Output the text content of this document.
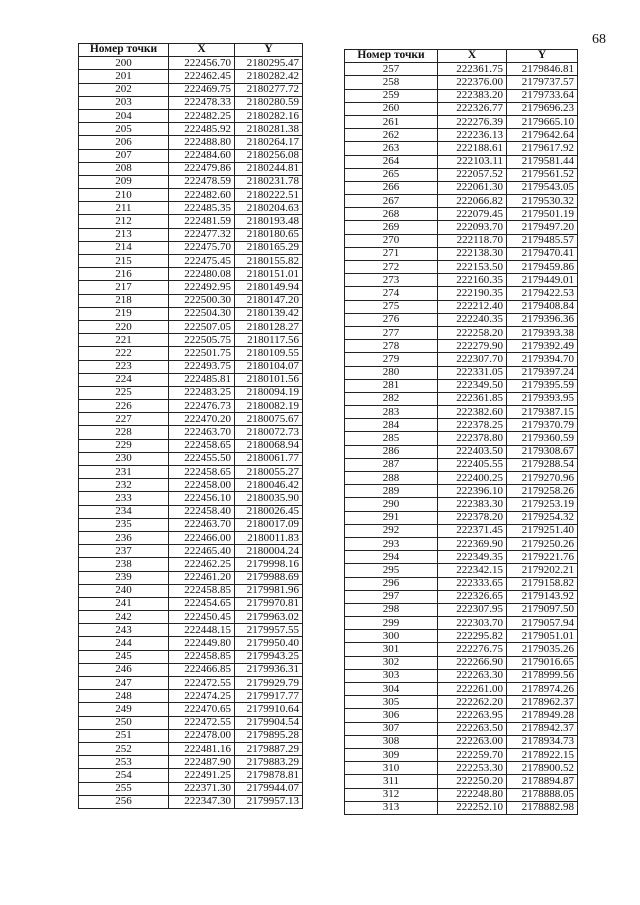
68
Номер точки	X	Y
200	222456.70	2180295.47
201	222462.45	2180282.42
202	222469.75	2180277.72
203	222478.33	2180280.59
204	222482.25	2180282.16
205	222485.92	2180281.38
206	222488.80	2180264.17
207	222484.60	2180256.08
208	222479.86	2180244.81
209	222478.59	2180231.78
210	222482.60	2180222.51
211	222485.35	2180204.63
212	222481.59	2180193.48
213	222477.32	2180180.65
214	222475.70	2180165.29
215	222475.45	2180155.82
216	222480.08	2180151.01
217	222492.95	2180149.94
218	222500.30	2180147.20
219	222504.30	2180139.42
220	222507.05	2180128.27
221	222505.75	2180117.56
222	222501.75	2180109.55
223	222493.75	2180104.07
224	222485.81	2180101.56
225	222483.25	2180094.19
226	222476.73	2180082.19
227	222470.20	2180075.67
228	222463.70	2180072.73
229	222458.65	2180068.94
230	222455.50	2180061.77
231	222458.65	2180055.27
232	222458.00	2180046.42
233	222456.10	2180035.90
234	222458.40	2180026.45
235	222463.70	2180017.09
236	222466.00	2180011.83
237	222465.40	2180004.24
238	222462.25	2179998.16
239	222461.20	2179988.69
240	222458.85	2179981.96
241	222454.65	2179970.81
242	222450.45	2179963.02
243	222448.15	2179957.55
244	222449.80	2179950.40
245	222458.85	2179943.25
246	222466.85	2179936.31
247	222472.55	2179929.79
248	222474.25	2179917.77
249	222470.65	2179910.64
250	222472.55	2179904.54
251	222478.00	2179895.28
252	222481.16	2179887.29
253	222487.90	2179883.29
254	222491.25	2179878.81
255	222371.30	2179944.07
256	222347.30	2179957.13
Номер точки	X	Y
257	222361.75	2179846.81
258	222376.00	2179737.57
259	222383.20	2179733.64
260	222326.77	2179696.23
261	222276.39	2179665.10
262	222236.13	2179642.64
263	222188.61	2179617.92
264	222103.11	2179581.44
265	222057.52	2179561.52
266	222061.30	2179543.05
267	222066.82	2179530.32
268	222079.45	2179501.19
269	222093.70	2179497.20
270	222118.70	2179485.57
271	222138.30	2179470.41
272	222153.50	2179459.86
273	222160.35	2179449.01
274	222190.35	2179422.53
275	222212.40	2179408.84
276	222240.35	2179396.36
277	222258.20	2179393.38
278	222279.90	2179392.49
279	222307.70	2179394.70
280	222331.05	2179397.24
281	222349.50	2179395.59
282	222361.85	2179393.95
283	222382.60	2179387.15
284	222378.25	2179370.79
285	222378.80	2179360.59
286	222403.50	2179308.67
287	222405.55	2179288.54
288	222400.25	2179270.96
289	222396.10	2179258.26
290	222383.30	2179253.19
291	222378.20	2179254.32
292	222371.45	2179251.40
293	222369.90	2179250.26
294	222349.35	2179221.76
295	222342.15	2179202.21
296	222333.65	2179158.82
297	222326.65	2179143.92
298	222307.95	2179097.50
299	222303.70	2179057.94
300	222295.82	2179051.01
301	222276.75	2179035.26
302	222266.90	2179016.65
303	222263.30	2178999.56
304	222261.00	2178974.26
305	222262.20	2178962.37
306	222263.95	2178949.28
307	222263.50	2178942.37
308	222263.00	2178934.73
309	222259.70	2178922.15
310	222253.30	2178900.52
311	222250.20	2178894.87
312	222248.80	2178888.05
313	222252.10	2178882.98
